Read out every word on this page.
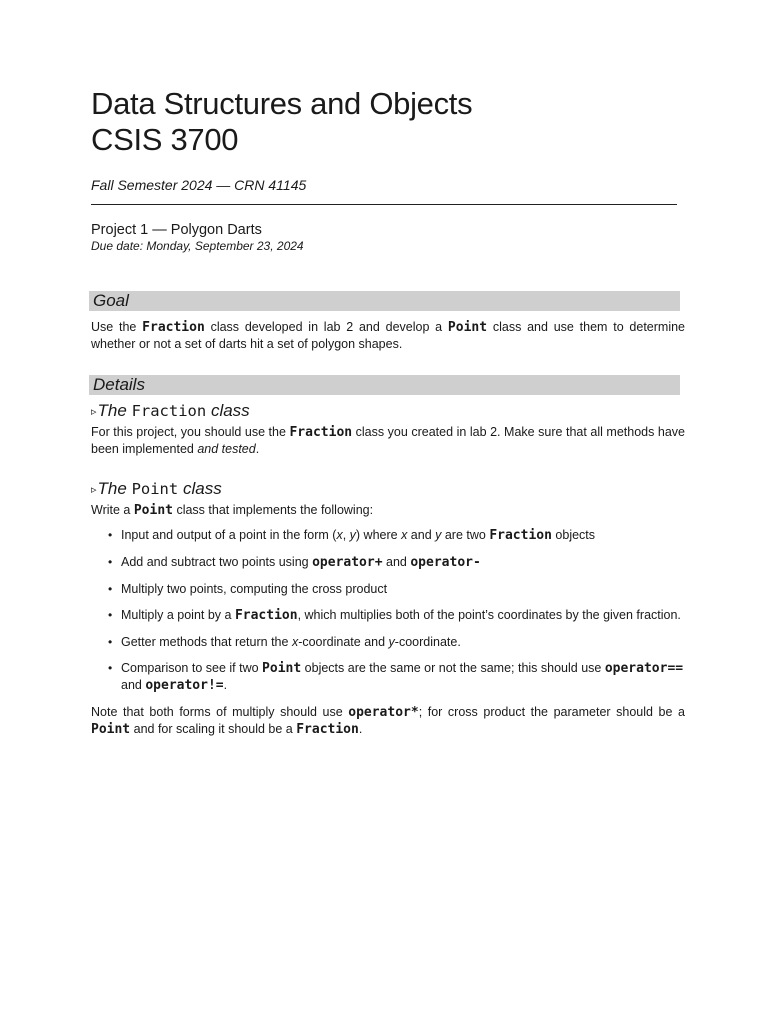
Data Structures and Objects
CSIS 3700
Fall Semester 2024 — CRN 41145
Project 1 — Polygon Darts
Due date: Monday, September 23, 2024
Goal
Use the Fraction class developed in lab 2 and develop a Point class and use them to determine whether or not a set of darts hit a set of polygon shapes.
Details
▹The Fraction class
For this project, you should use the Fraction class you created in lab 2. Make sure that all methods have been implemented and tested.
▹The Point class
Write a Point class that implements the following:
• Input and output of a point in the form (x, y) where x and y are two Fraction objects
• Add and subtract two points using operator+ and operator-
• Multiply two points, computing the cross product
• Multiply a point by a Fraction, which multiplies both of the point’s coordinates by the given fraction.
• Getter methods that return the x-coordinate and y-coordinate.
• Comparison to see if two Point objects are the same or not the same; this should use operator== and operator!=.
Note that both forms of multiply should use operator*; for cross product the parameter should be a Point and for scaling it should be a Fraction.
